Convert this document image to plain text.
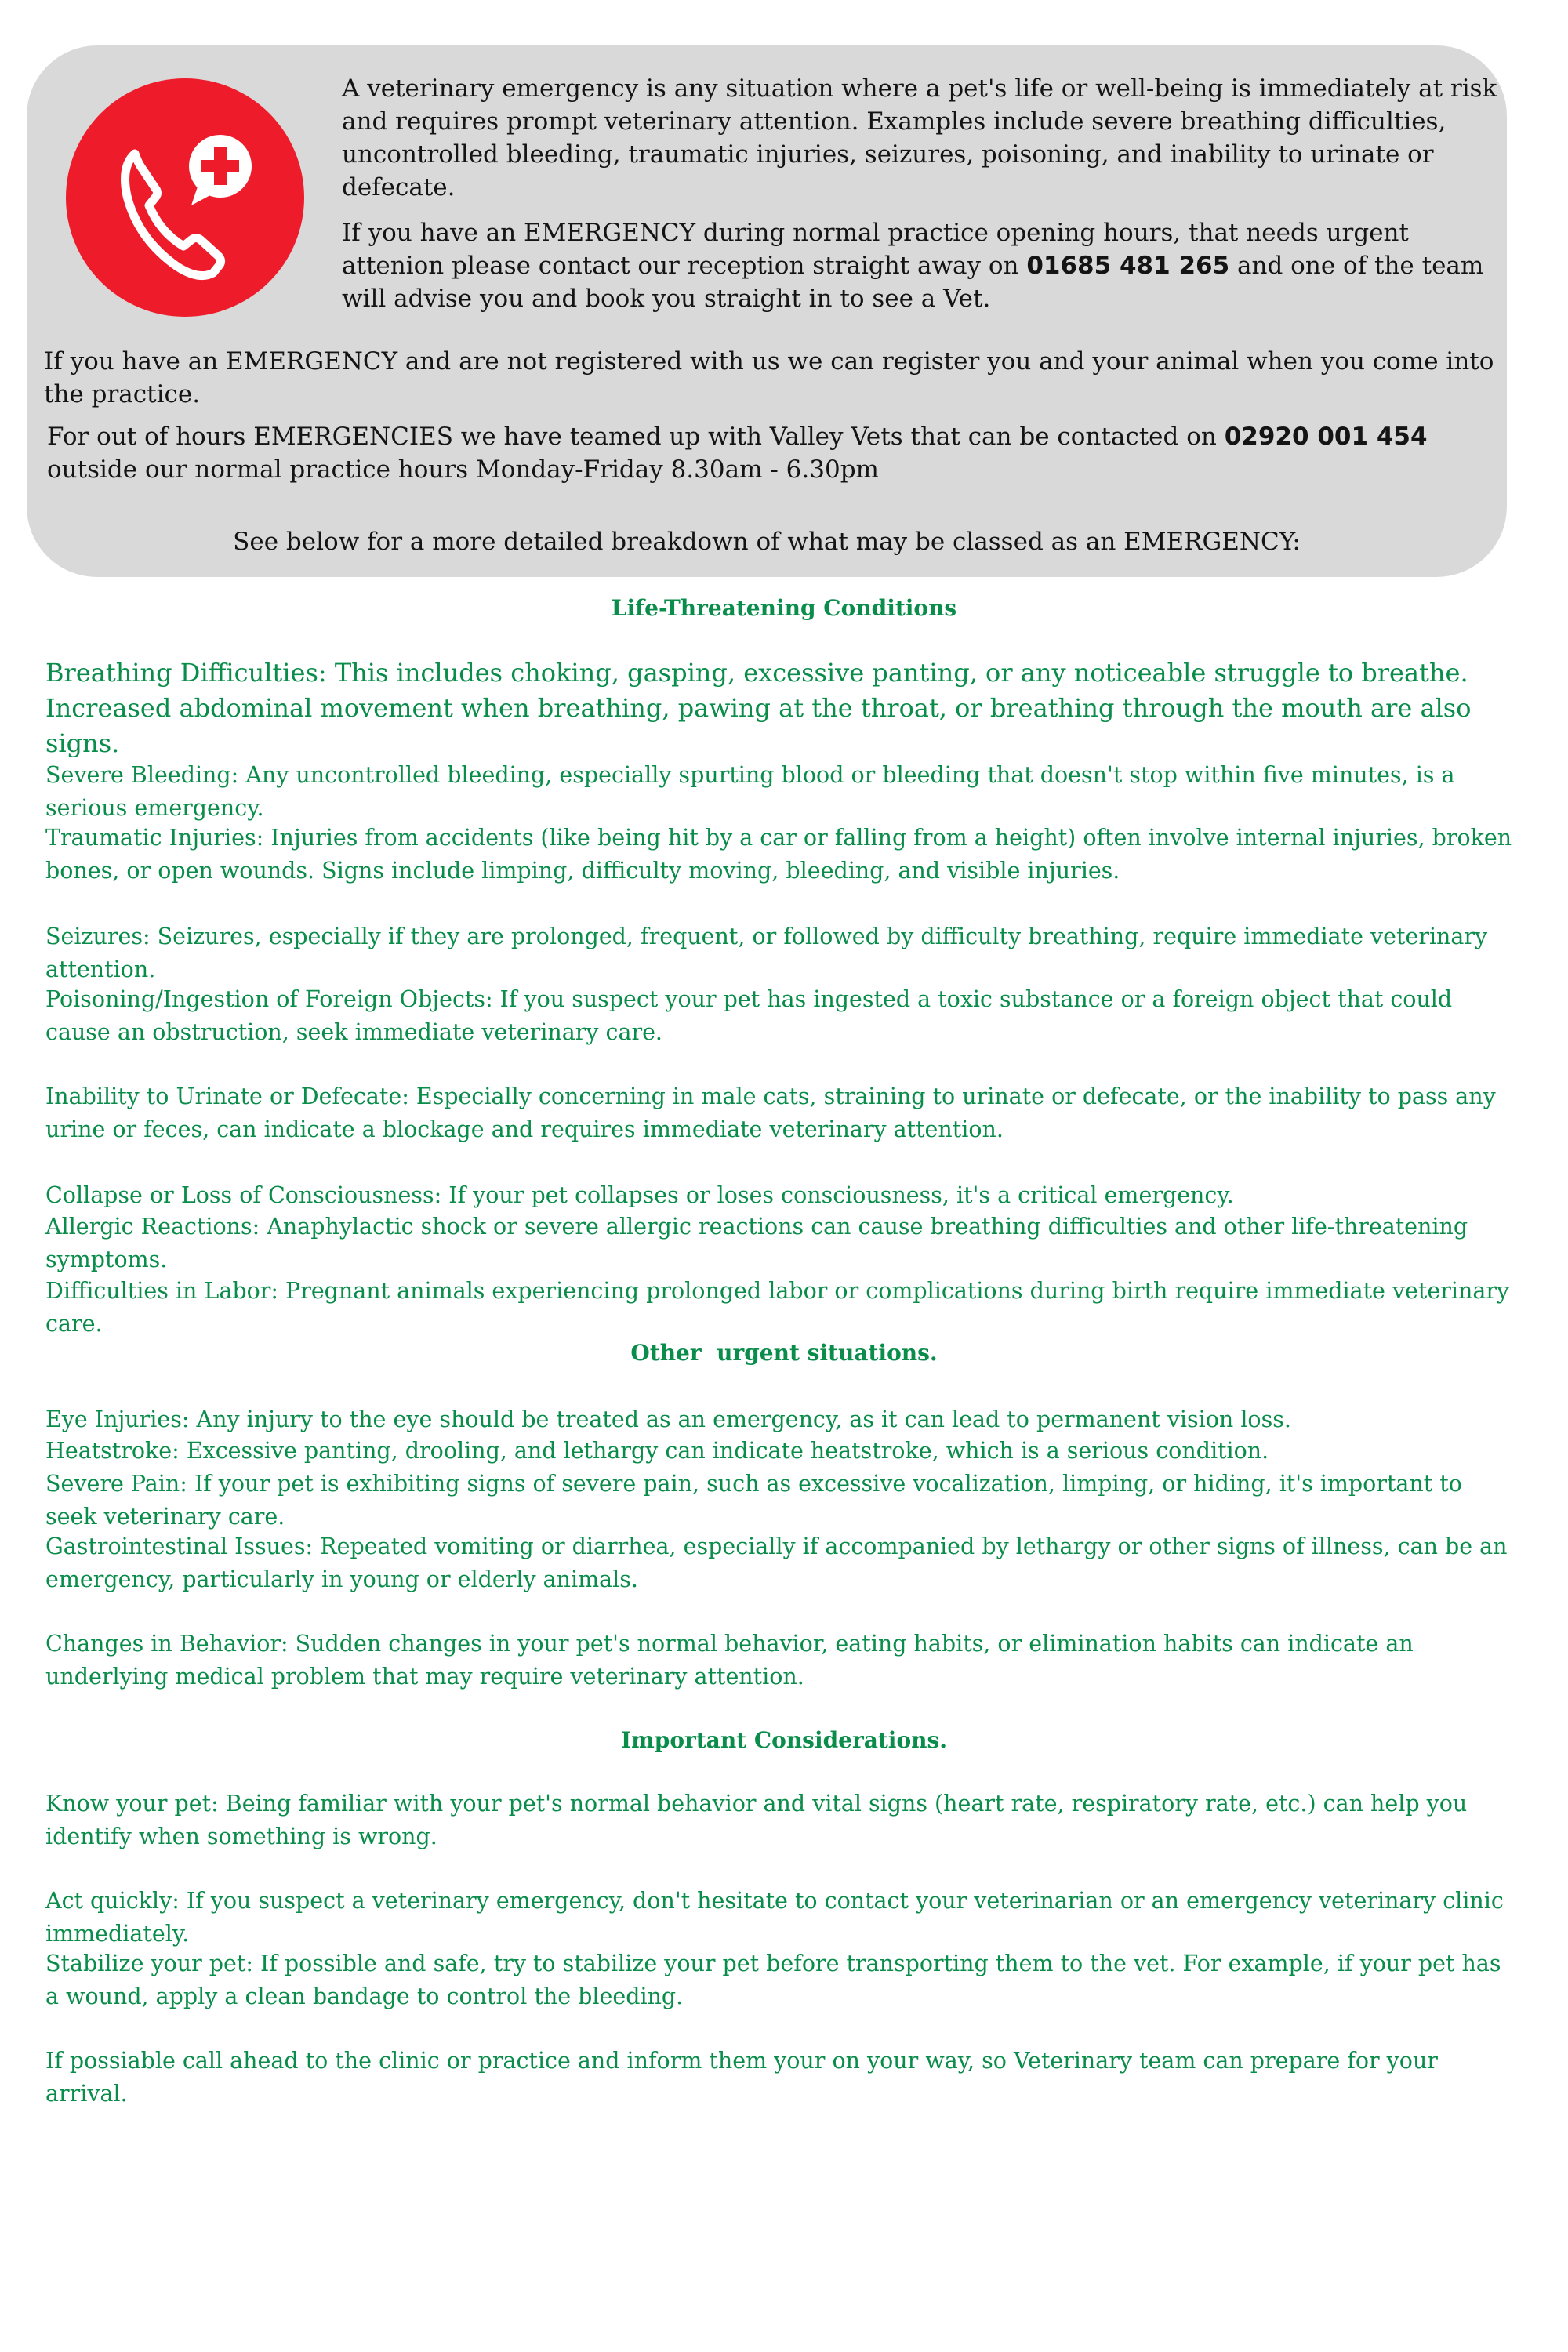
A veterinary emergency is any situation where a pet's life or well-being is immediately at risk and requires prompt veterinary attention. Examples include severe breathing difficulties, uncontrolled bleeding, traumatic injuries, seizures, poisoning, and inability to urinate or defecate.

If you have an EMERGENCY during normal practice opening hours, that needs urgent attenion please contact our reception straight away on 01685 481 265 and one of the team will advise you and book you straight in to see a Vet.

If you have an EMERGENCY and are not registered with us we can register you and your animal when you come into the practice.

For out of hours EMERGENCIES we have teamed up with Valley Vets that can be contacted on 02920 001 454 outside our normal practice hours Monday-Friday 8.30am - 6.30pm

See below for a more detailed breakdown of what may be classed as an EMERGENCY:

Life-Threatening Conditions

Breathing Difficulties: This includes choking, gasping, excessive panting, or any noticeable struggle to breathe. Increased abdominal movement when breathing, pawing at the throat, or breathing through the mouth are also signs.

Severe Bleeding: Any uncontrolled bleeding, especially spurting blood or bleeding that doesn't stop within five minutes, is a serious emergency.

Traumatic Injuries: Injuries from accidents (like being hit by a car or falling from a height) often involve internal injuries, broken bones, or open wounds. Signs include limping, difficulty moving, bleeding, and visible injuries.

Seizures: Seizures, especially if they are prolonged, frequent, or followed by difficulty breathing, require immediate veterinary attention.

Poisoning/Ingestion of Foreign Objects: If you suspect your pet has ingested a toxic substance or a foreign object that could cause an obstruction, seek immediate veterinary care.

Inability to Urinate or Defecate: Especially concerning in male cats, straining to urinate or defecate, or the inability to pass any urine or feces, can indicate a blockage and requires immediate veterinary attention.

Collapse or Loss of Consciousness: If your pet collapses or loses consciousness, it's a critical emergency.

Allergic Reactions: Anaphylactic shock or severe allergic reactions can cause breathing difficulties and other life-threatening symptoms.

Difficulties in Labor: Pregnant animals experiencing prolonged labor or complications during birth require immediate veterinary care.

Other  urgent situations.

Eye Injuries: Any injury to the eye should be treated as an emergency, as it can lead to permanent vision loss.

Heatstroke: Excessive panting, drooling, and lethargy can indicate heatstroke, which is a serious condition.

Severe Pain: If your pet is exhibiting signs of severe pain, such as excessive vocalization, limping, or hiding, it's important to seek veterinary care.

Gastrointestinal Issues: Repeated vomiting or diarrhea, especially if accompanied by lethargy or other signs of illness, can be an emergency, particularly in young or elderly animals.

Changes in Behavior: Sudden changes in your pet's normal behavior, eating habits, or elimination habits can indicate an underlying medical problem that may require veterinary attention.

Important Considerations.

Know your pet: Being familiar with your pet's normal behavior and vital signs (heart rate, respiratory rate, etc.) can help you identify when something is wrong.

Act quickly: If you suspect a veterinary emergency, don't hesitate to contact your veterinarian or an emergency veterinary clinic immediately.

Stabilize your pet: If possible and safe, try to stabilize your pet before transporting them to the vet. For example, if your pet has a wound, apply a clean bandage to control the bleeding.

If possiable call ahead to the clinic or practice and inform them your on your way, so Veterinary team can prepare for your arrival.
